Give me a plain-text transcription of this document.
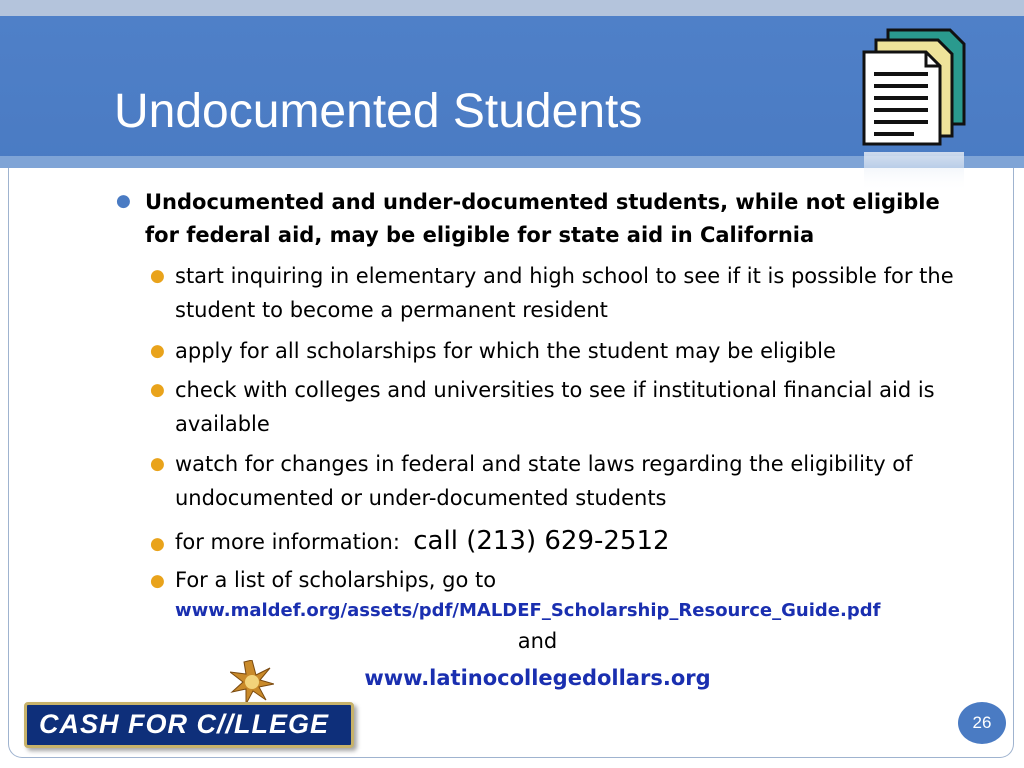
Undocumented Students
● Undocumented and under-documented students, while not eligible for federal aid, may be eligible for state aid in California
● start inquiring in elementary and high school to see if it is possible for the student to become a permanent resident
● apply for all scholarships for which the student may be eligible
● check with colleges and universities to see if institutional financial aid is available
● watch for changes in federal and state laws regarding the eligibility of undocumented or under-documented students
● for more information: call (213) 629-2512
● For a list of scholarships, go to
www.maldef.org/assets/pdf/MALDEF_Scholarship_Resource_Guide.pdf
and
www.latinocollegedollars.org
CASH FOR C//LLEGE	26
